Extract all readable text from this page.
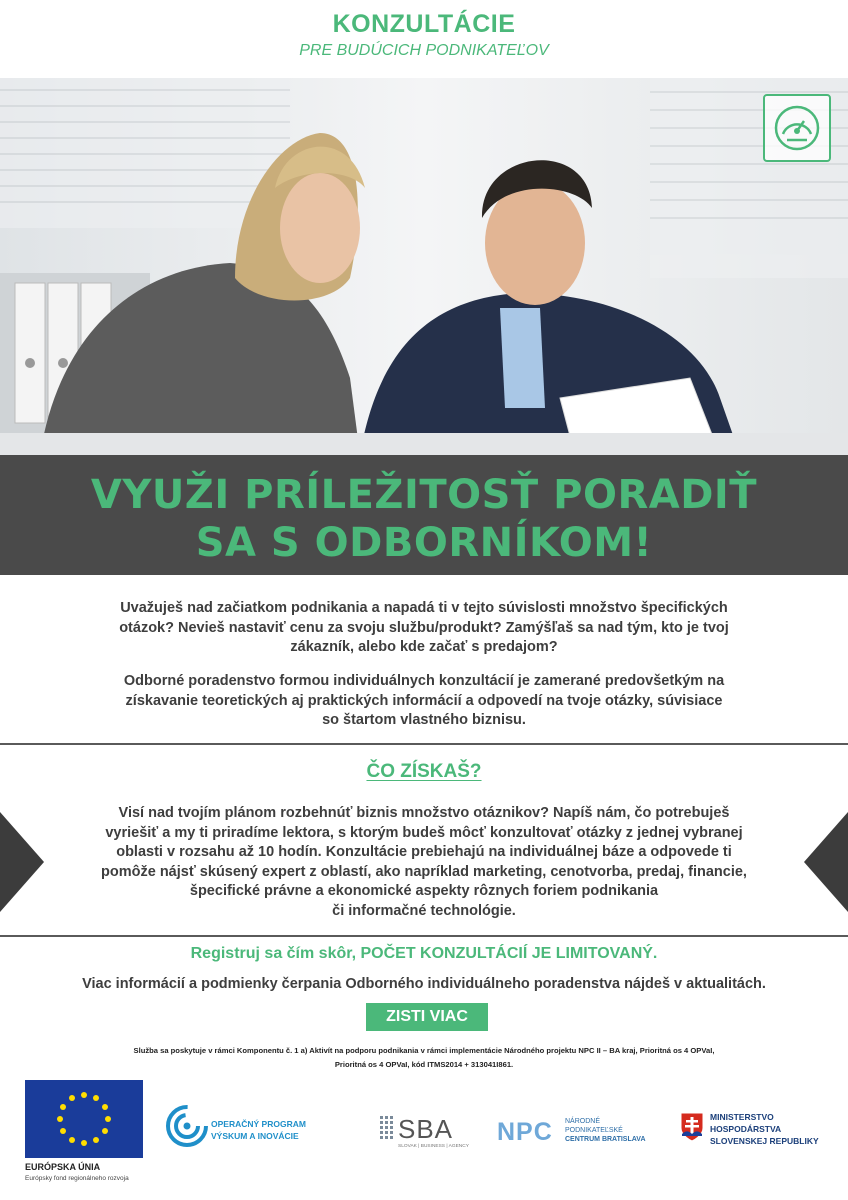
KONZULTÁCIE
PRE BUDÚCICH PODNIKATEĽOV
VYUŽI PRÍLEŽITOSŤ PORADIŤ
SA S ODBORNÍKOM!
Uvažuješ nad začiatkom podnikania a napadá ti v tejto súvislosti množstvo špecifických
otázok? Nevieš nastaviť cenu za svoju službu/produkt? Zamýšľaš sa nad tým, kto je tvoj
zákazník, alebo kde začať s predajom?
Odborné poradenstvo formou individuálnych konzultácií je zamerané predovšetkým na
získavanie teoretických aj praktických informácií a odpovedí na tvoje otázky, súvisiace
so štartom vlastného biznisu.
ČO ZÍSKAŠ?
Visí nad tvojím plánom rozbehnúť biznis množstvo otáznikov? Napíš nám, čo potrebuješ
vyriešiť a my ti priradíme lektora, s ktorým budeš môcť konzultovať otázky z jednej vybranej
oblasti v rozsahu až 10 hodín. Konzultácie prebiehajú na individuálnej báze a odpovede ti
pomôže nájsť skúsený expert z oblastí, ako napríklad marketing, cenotvorba, predaj, financie,
špecifické právne a ekonomické aspekty rôznych foriem podnikania
či informačné technológie.
Registruj sa čím skôr, POČET KONZULTÁCIÍ JE LIMITOVANÝ.
Viac informácií a podmienky čerpania Odborného individuálneho poradenstva nájdeš v aktualitách.
ZISTI VIAC
Služba sa poskytuje v rámci Komponentu č. 1 a) Aktivít na podporu podnikania v rámci implementácie Národného projektu NPC II – BA kraj, Prioritná os 4 OPVaI,
Prioritná os 4 OPVaI, kód ITMS2014 + 313041I861.
EURÓPSKA ÚNIA
Európsky fond regionálneho rozvoja
OPERAČNÝ PROGRAM
VÝSKUM A INOVÁCIE	SBA
SLOVAK | BUSINESS | AGENCY
NPC NÁRODNÉ
PODNIKATEĽSKÉ
CENTRUM BRATISLAVA
MINISTERSTVO
HOSPODÁRSTVA
SLOVENSKEJ REPUBLIKY
